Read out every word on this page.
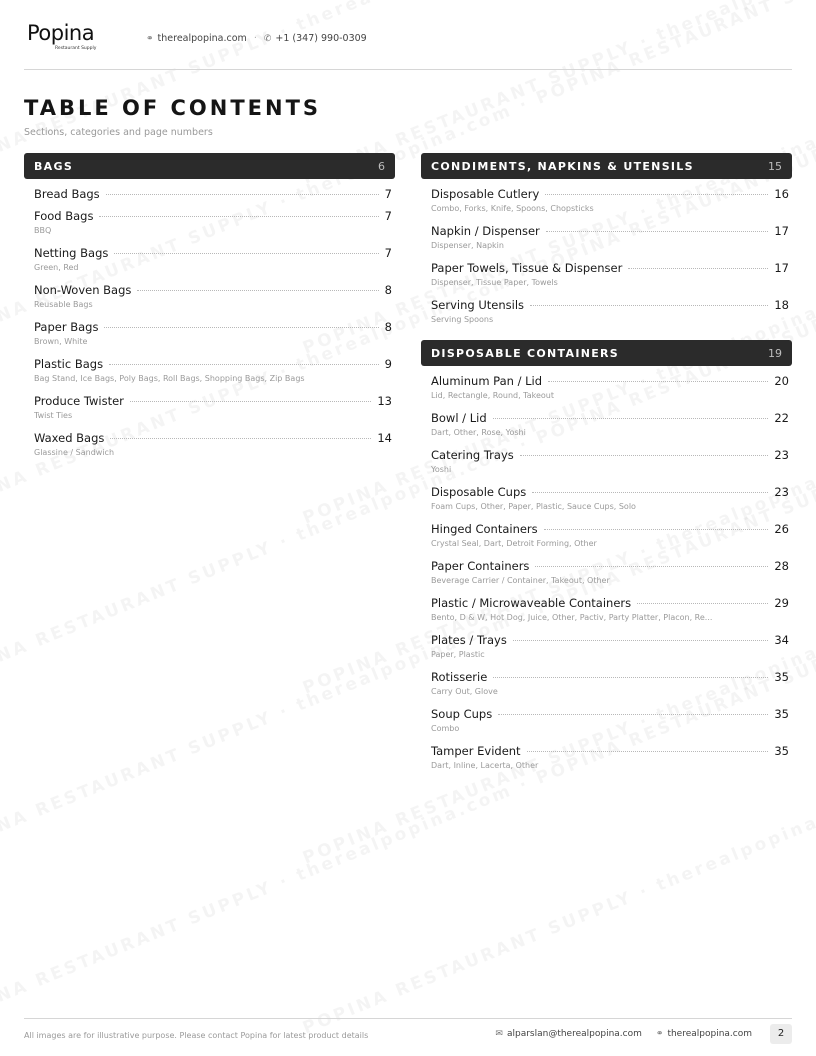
Popina
Restaurant Supply
⚭ therealpopina.com · ✆ +1 (347) 990-0309
TABLE OF CONTENTS
Sections, categories and page numbers
BAGS	6
Bread Bags	7
Food Bags	7
BBQ
Netting Bags	7
Green, Red
Non-Woven Bags	8
Reusable Bags
Paper Bags	8
Brown, White
Plastic Bags	9
Bag Stand, Ice Bags, Poly Bags, Roll Bags, Shopping Bags, Zip Bags
Produce Twister	13
Twist Ties
Waxed Bags	14
Glassine / Sandwich
CONDIMENTS, NAPKINS & UTENSILS	15
Disposable Cutlery	16
Combo, Forks, Knife, Spoons, Chopsticks
Napkin / Dispenser	17
Dispenser, Napkin
Paper Towels, Tissue & Dispenser	17
Dispenser, Tissue Paper, Towels
Serving Utensils	18
Serving Spoons
DISPOSABLE CONTAINERS	19
Aluminum Pan / Lid	20
Lid, Rectangle, Round, Takeout
Bowl / Lid	22
Dart, Other, Rose, Yoshi
Catering Trays	23
Yoshi
Disposable Cups	23
Foam Cups, Other, Paper, Plastic, Sauce Cups, Solo
Hinged Containers	26
Crystal Seal, Dart, Detroit Forming, Other
Paper Containers	28
Beverage Carrier / Container, Takeout, Other
Plastic / Microwaveable Containers	29
Bento, D & W, Hot Dog, Juice, Other, Pactiv, Party Platter, Placon, Re...
Plates / Trays	34
Paper, Plastic
Rotisserie	35
Carry Out, Glove
Soup Cups	35
Combo
Tamper Evident	35
Dart, Inline, Lacerta, Other
All images are for illustrative purpose. Please contact Popina for latest product details	✉ alparslan@therealpopina.com ⚭ therealpopina.com	2
